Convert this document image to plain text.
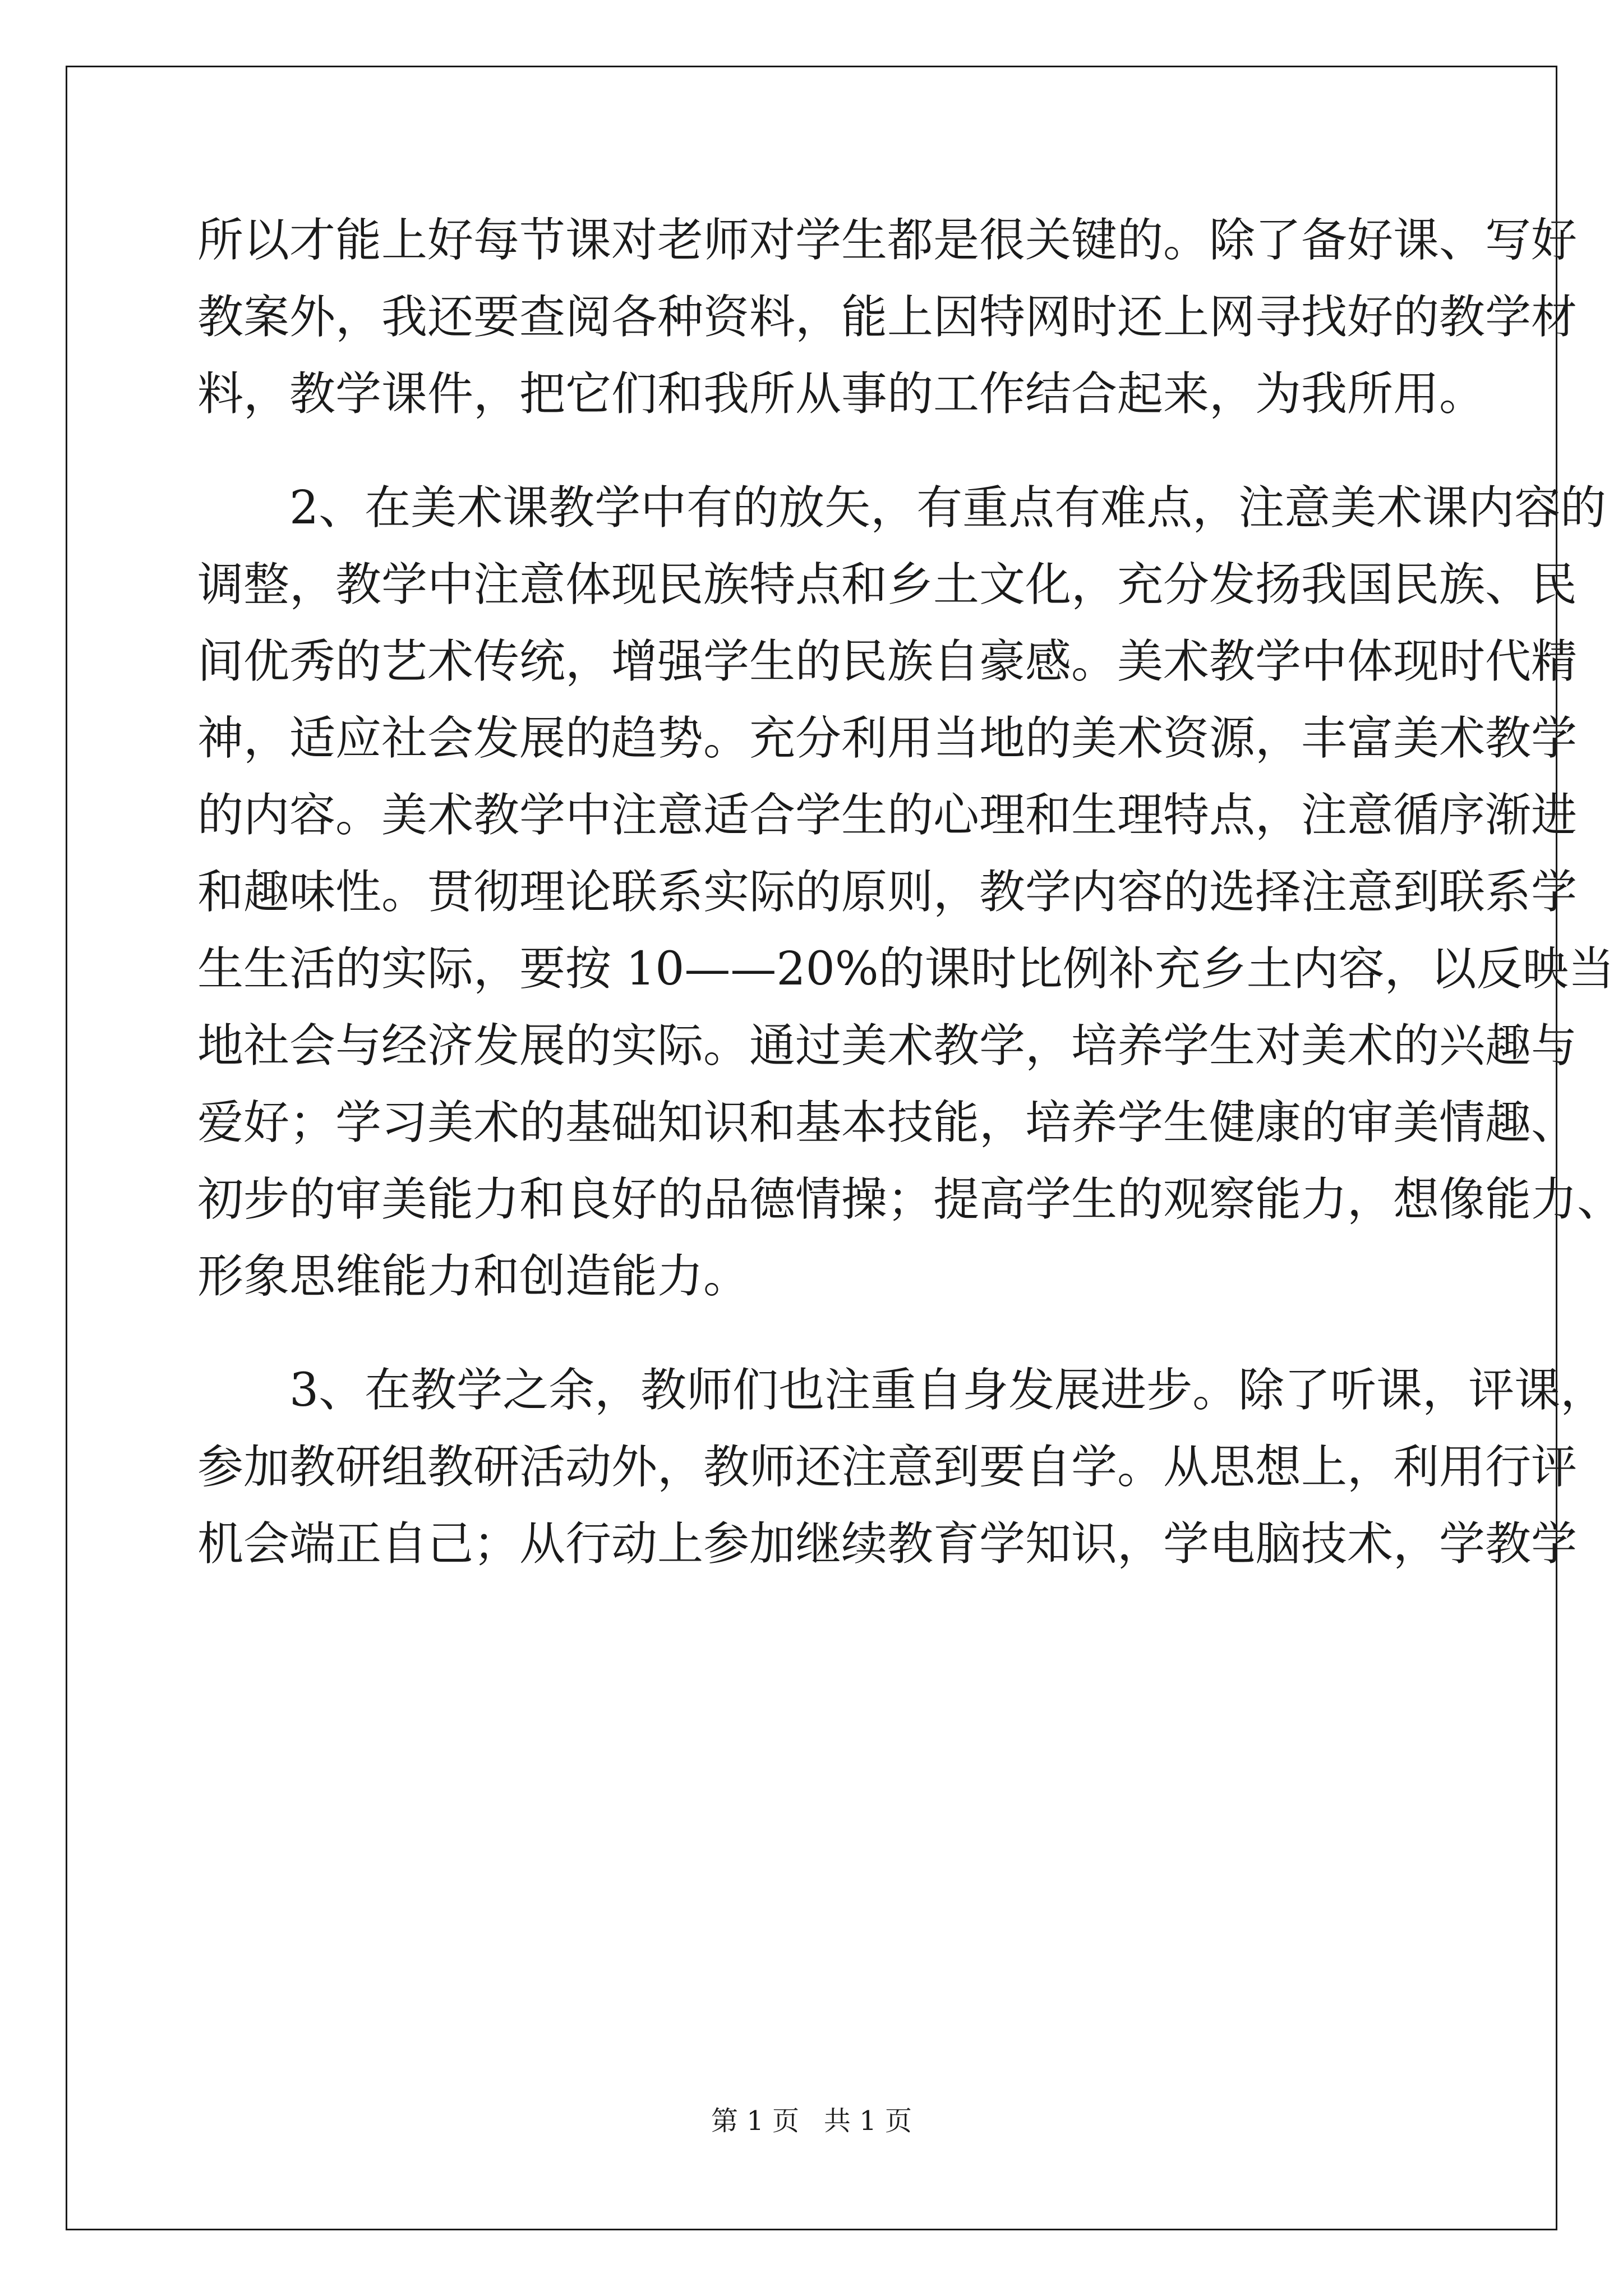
所以才能上好每节课对老师对学生都是很关键的。除了备好课、写好
教案外，我还要查阅各种资料，能上因特网时还上网寻找好的教学材
料，教学课件，把它们和我所从事的工作结合起来，为我所用。
　　2、在美术课教学中有的放矢，有重点有难点，注意美术课内容的
调整，教学中注意体现民族特点和乡土文化，充分发扬我国民族、民
间优秀的艺术传统，增强学生的民族自豪感。美术教学中体现时代精
神，适应社会发展的趋势。充分利用当地的美术资源，丰富美术教学
的内容。美术教学中注意适合学生的心理和生理特点，注意循序渐进
和趣味性。贯彻理论联系实际的原则，教学内容的选择注意到联系学
生生活的实际，要按 10——20%的课时比例补充乡土内容，以反映当
地社会与经济发展的实际。通过美术教学，培养学生对美术的兴趣与
爱好；学习美术的基础知识和基本技能，培养学生健康的审美情趣、
初步的审美能力和良好的品德情操；提高学生的观察能力，想像能力、
形象思维能力和创造能力。
　　3、在教学之余，教师们也注重自身发展进步。除了听课，评课，
参加教研组教研活动外，教师还注意到要自学。从思想上，利用行评
机会端正自己；从行动上参加继续教育学知识，学电脑技术，学教学
第 1 页 共 1 页
